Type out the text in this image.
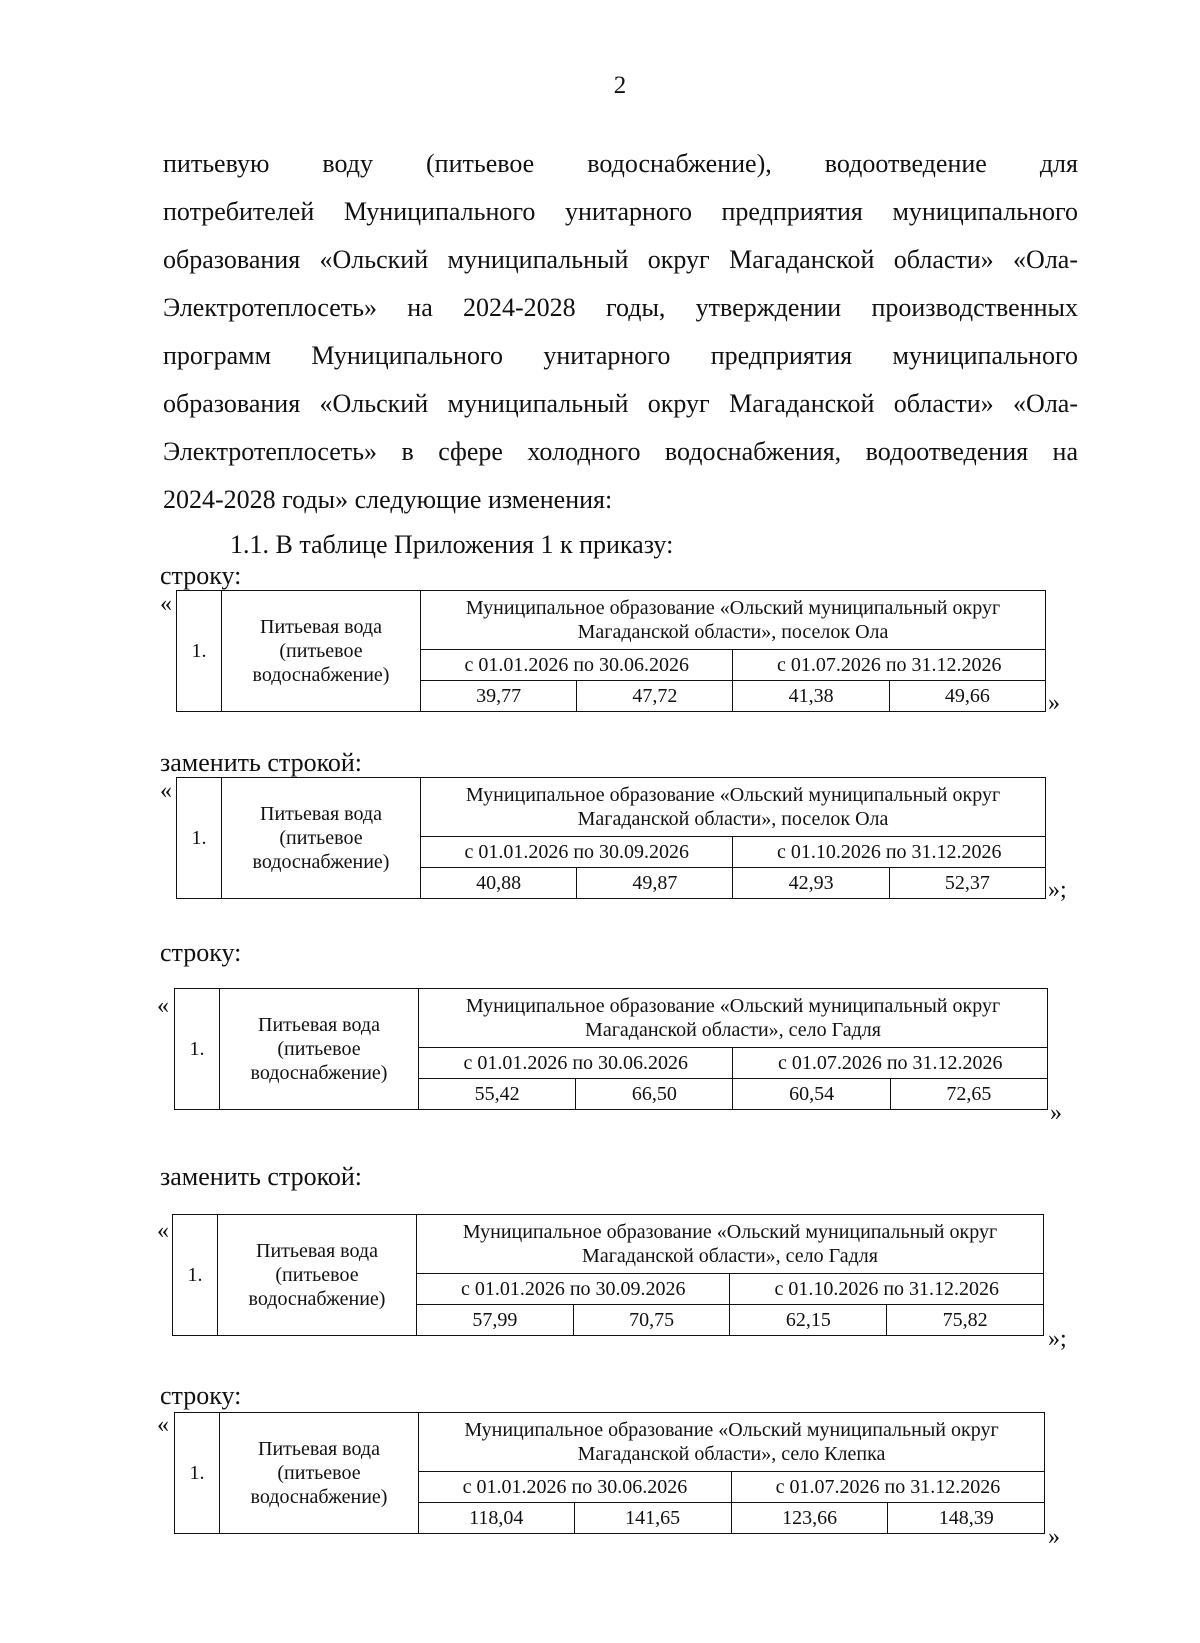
2
питьевую воду (питьевое водоснабжение), водоотведение для
потребителей Муниципального унитарного предприятия муниципального
образования «Ольский муниципальный округ Магаданской области» «Ола-
Электротеплосеть» на 2024-2028 годы, утверждении производственных
программ Муниципального унитарного предприятия муниципального
образования «Ольский муниципальный округ Магаданской области» «Ола-
Электротеплосеть» в сфере холодного водоснабжения, водоотведения на
2024-2028 годы» следующие изменения:
1.1. В таблице Приложения 1 к приказу:
строку:
«
1.	Питьевая вода (питьевое водоснабжение)	Муниципальное образование «Ольский муниципальный округ Магаданской области», поселок Ола			
		с 01.01.2026 по 30.06.2026		с 01.07.2026 по 31.12.2026	
		39,77	47,72	41,38	49,66 »
заменить строкой:
«
1.	Питьевая вода (питьевое водоснабжение)	Муниципальное образование «Ольский муниципальный округ Магаданской области», поселок Ола			
		с 01.01.2026 по 30.09.2026		с 01.10.2026 по 31.12.2026	
		40,88	49,87	42,93	52,37 »;
строку:
«
1.	Питьевая вода (питьевое водоснабжение)	Муниципальное образование «Ольский муниципальный округ Магаданской области», село Гадля			
		с 01.01.2026 по 30.06.2026		с 01.07.2026 по 31.12.2026	
		55,42	66,50	60,54	72,65
»
заменить строкой:
«
1.	Питьевая вода (питьевое водоснабжение)	Муниципальное образование «Ольский муниципальный округ Магаданской области», село Гадля			
		с 01.01.2026 по 30.09.2026		с 01.10.2026 по 31.12.2026	
		57,99	70,75	62,15	75,82
»;
строку:
«
1.	Питьевая вода (питьевое водоснабжение)	Муниципальное образование «Ольский муниципальный округ Магаданской области», село Клепка			
		с 01.01.2026 по 30.06.2026		с 01.07.2026 по 31.12.2026	
		118,04	141,65	123,66	148,39
»
